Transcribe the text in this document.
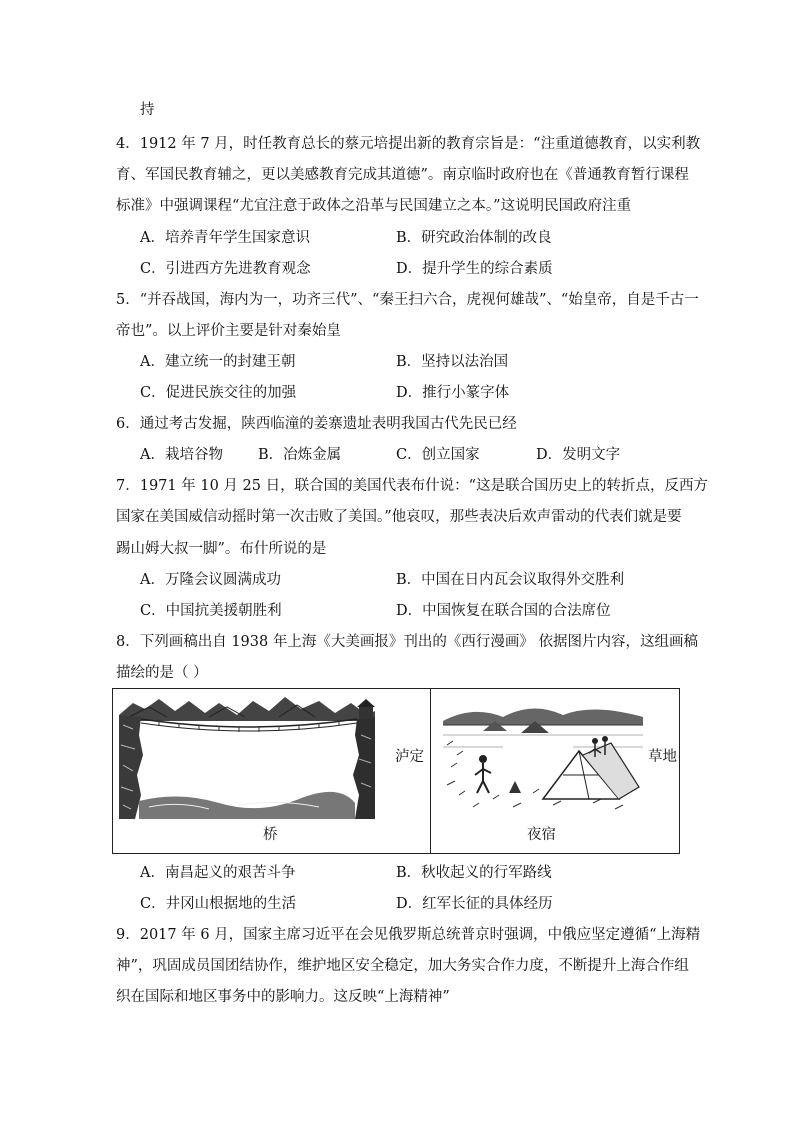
持
4．1912 年 7 月，时任教育总长的蔡元培提出新的教育宗旨是：“注重道德教育，以实利教
育、军国民教育辅之，更以美感教育完成其道德”。南京临时政府也在《普通教育暂行课程
标准》中强调课程“尤宜注意于政体之沿革与民国建立之本。”这说明民国政府注重
A．培养青年学生国家意识	B．研究政治体制的改良
C．引进西方先进教育观念	D．提升学生的综合素质
5．“并吞战国，海内为一，功齐三代”、“秦王扫六合，虎视何雄哉”、“始皇帝，自是千古一
帝也”。以上评价主要是针对秦始皇
A．建立统一的封建王朝	B．坚持以法治国
C．促进民族交往的加强	D．推行小篆字体
6．通过考古发掘，陕西临潼的姜寨遗址表明我国古代先民已经
A．栽培谷物 B．冶炼金属	C．创立国家	D．发明文字
7．1971 年 10 月 25 日，联合国的美国代表布什说：“这是联合国历史上的转折点，反西方
国家在美国威信动摇时第一次击败了美国。”他哀叹，那些表决后欢声雷动的代表们就是要
踢山姆大叔一脚”。布什所说的是
A．万隆会议圆满成功	B．中国在日内瓦会议取得外交胜利
C．中国抗美援朝胜利	D．中国恢复在联合国的合法席位
8．下列画稿出自 1938 年上海《大美画报》刊出的《西行漫画》 依据图片内容，这组画稿
描绘的是（ ）
泸定
桥
草地
夜宿
A．南昌起义的艰苦斗争	B．秋收起义的行军路线
C．井冈山根据地的生活	D．红军长征的具体经历
9．2017 年 6 月，国家主席习近平在会见俄罗斯总统普京时强调，中俄应坚定遵循“上海精
神”，巩固成员国团结协作，维护地区安全稳定，加大务实合作力度，不断提升上海合作组
织在国际和地区事务中的影响力。这反映“上海精神”
